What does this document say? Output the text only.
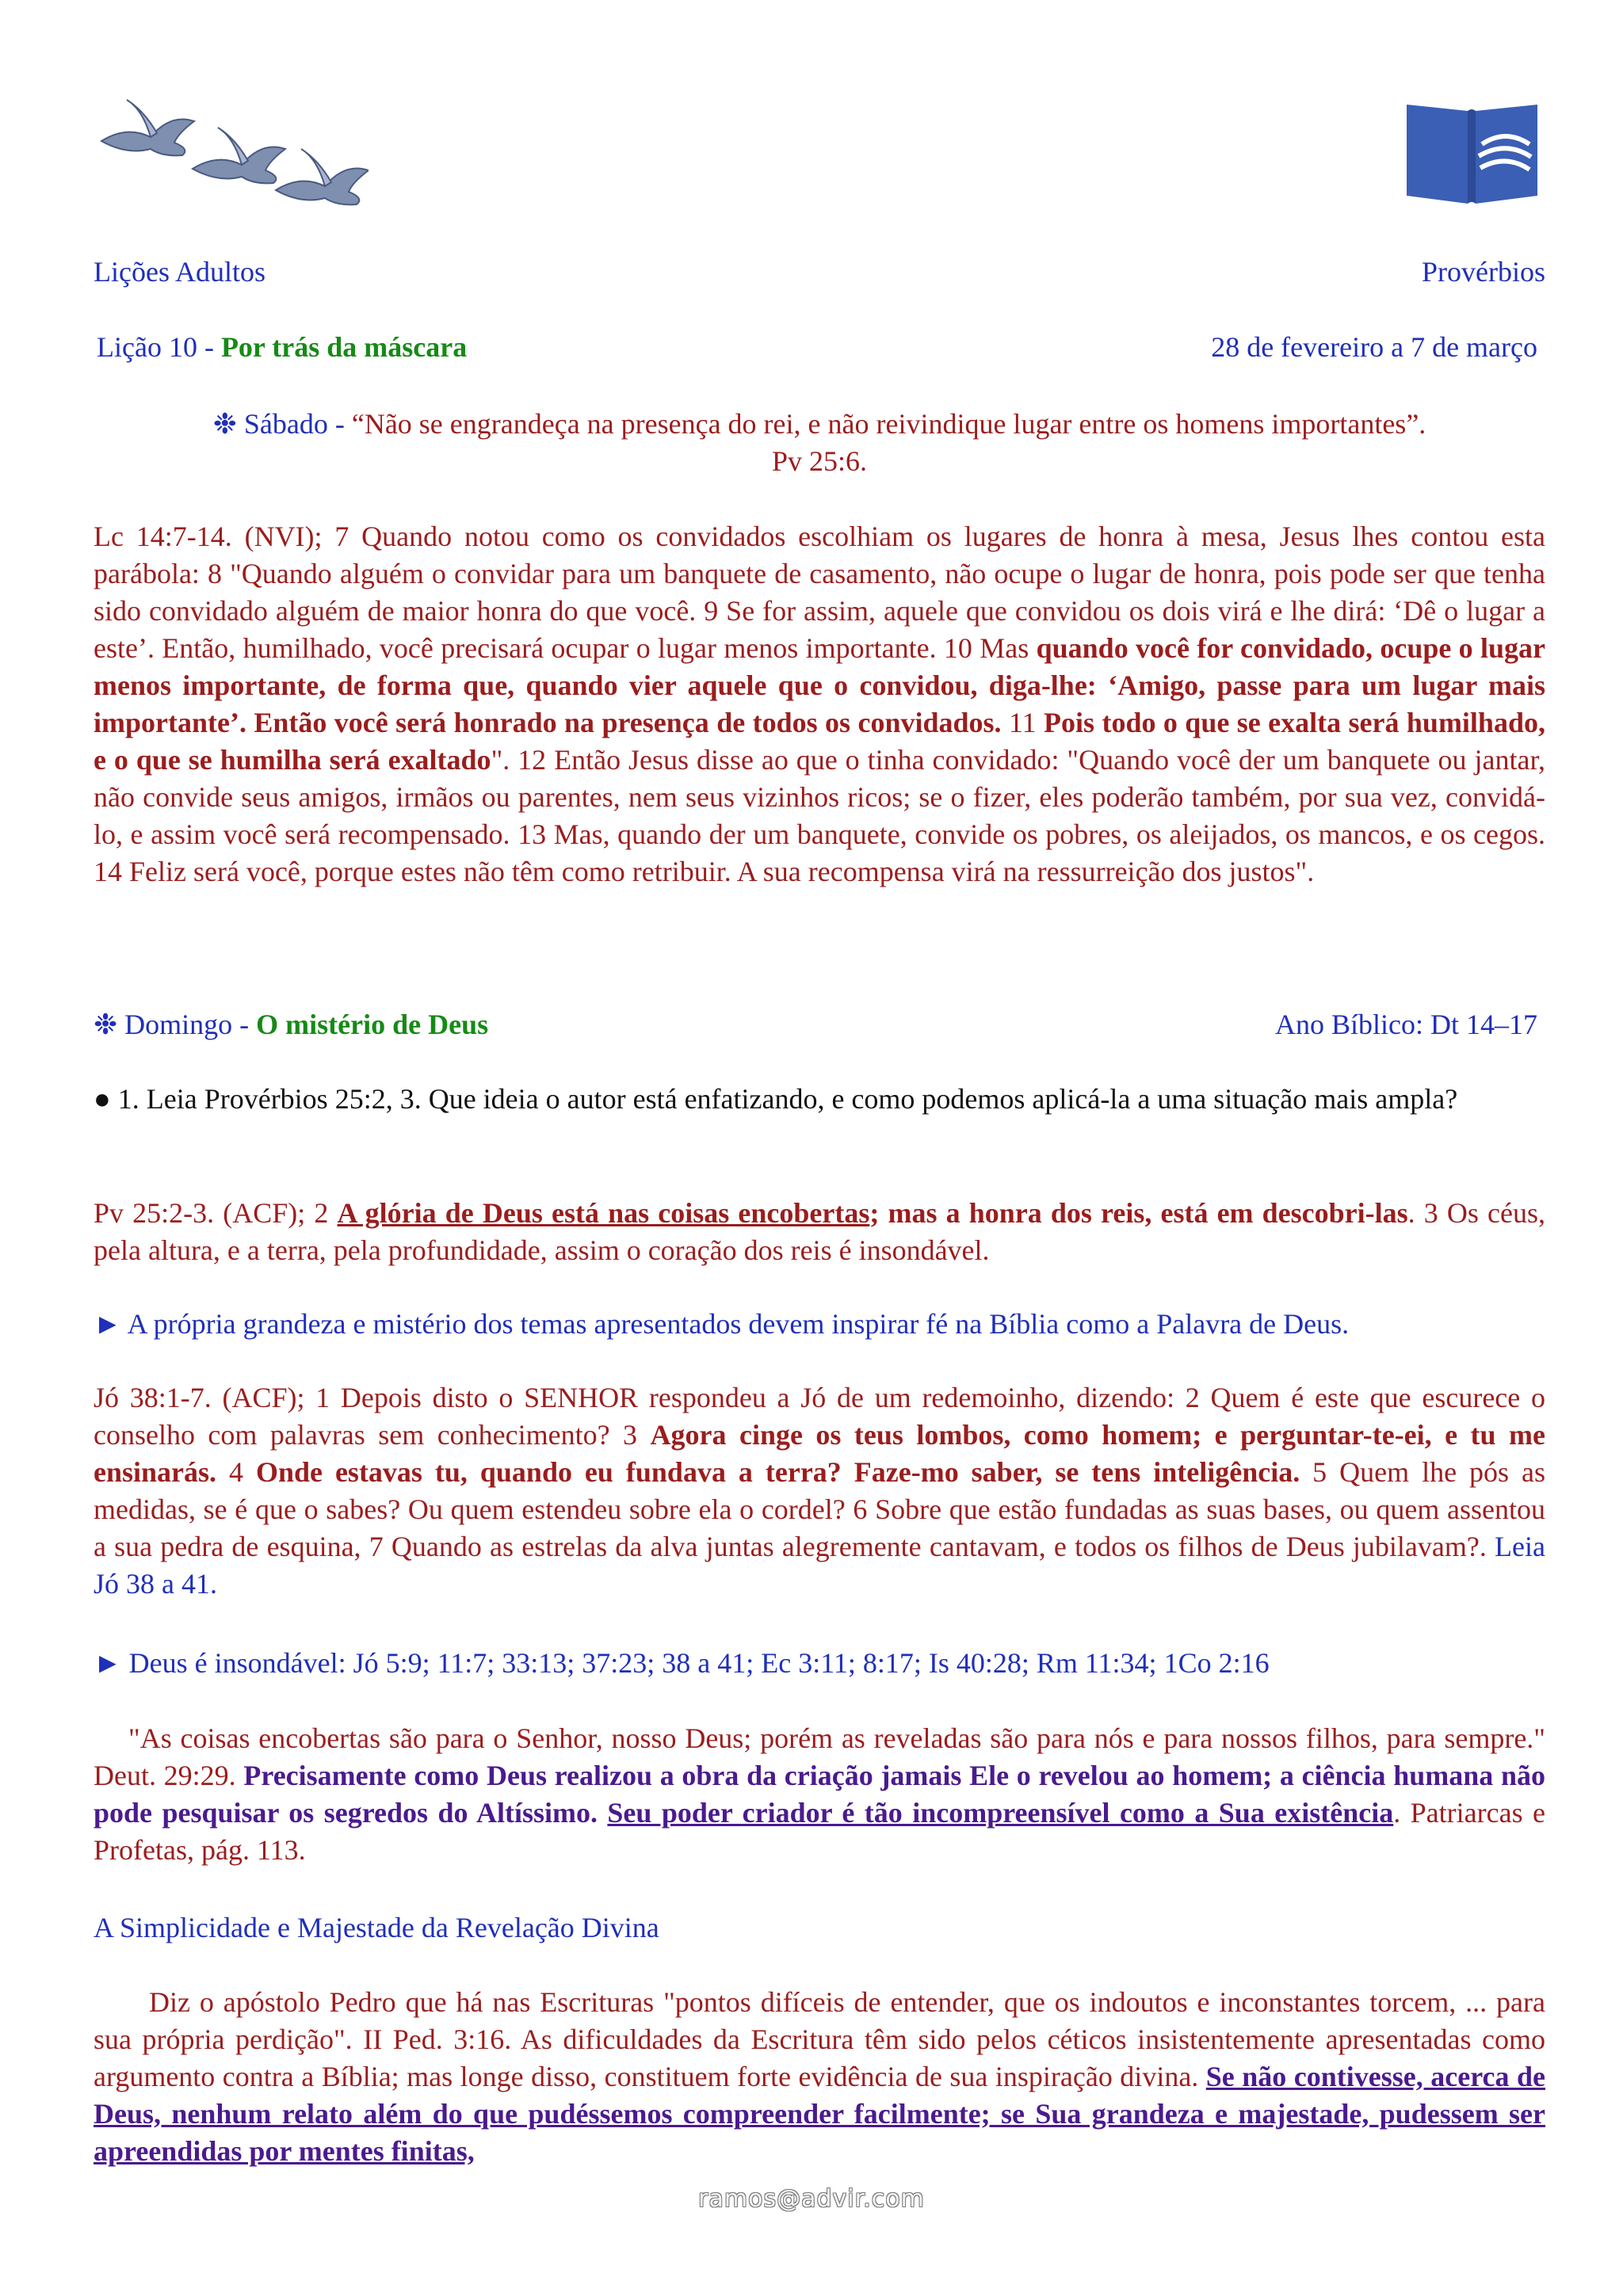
Lições Adultos	Provérbios
Lição 10 - Por trás da máscara	28 de fevereiro a 7 de março
❉ Sábado - “Não se engrandeça na presença do rei, e não reivindique lugar entre os homens importantes”.
Pv 25:6.

Lc 14:7-14. (NVI); 7 Quando notou como os convidados escolhiam os lugares de honra à mesa, Jesus lhes contou esta parábola: 8 "Quando alguém o convidar para um banquete de casamento, não ocupe o lugar de honra, pois pode ser que tenha sido convidado alguém de maior honra do que você. 9 Se for assim, aquele que convidou os dois virá e lhe dirá: ‘Dê o lugar a este’. Então, humilhado, você precisará ocupar o lugar menos importante. 10 Mas quando você for convidado, ocupe o lugar menos importante, de forma que, quando vier aquele que o convidou, diga-lhe: ‘Amigo, passe para um lugar mais importante’. Então você será honrado na presença de todos os convidados. 11 Pois todo o que se exalta será humilhado, e o que se humilha será exaltado". 12 Então Jesus disse ao que o tinha convidado: "Quando você der um banquete ou jantar, não convide seus amigos, irmãos ou parentes, nem seus vizinhos ricos; se o fizer, eles poderão também, por sua vez, convidá-lo, e assim você será recompensado. 13 Mas, quando der um banquete, convide os pobres, os aleijados, os mancos, e os cegos. 14 Feliz será você, porque estes não têm como retribuir. A sua recompensa virá na ressurreição dos justos".

❉ Domingo - O mistério de Deus	Ano Bíblico: Dt 14–17

● 1. Leia Provérbios 25:2, 3. Que ideia o autor está enfatizando, e como podemos aplicá-la a uma situação mais ampla?

Pv 25:2-3. (ACF); 2 A glória de Deus está nas coisas encobertas; mas a honra dos reis, está em descobri-las. 3 Os céus, pela altura, e a terra, pela profundidade, assim o coração dos reis é insondável.

► A própria grandeza e mistério dos temas apresentados devem inspirar fé na Bíblia como a Palavra de Deus.

Jó 38:1-7. (ACF); 1 Depois disto o SENHOR respondeu a Jó de um redemoinho, dizendo: 2 Quem é este que escurece o conselho com palavras sem conhecimento? 3 Agora cinge os teus lombos, como homem; e perguntar-te-ei, e tu me ensinarás. 4 Onde estavas tu, quando eu fundava a terra? Faze-mo saber, se tens inteligência. 5 Quem lhe pós as medidas, se é que o sabes? Ou quem estendeu sobre ela o cordel? 6 Sobre que estão fundadas as suas bases, ou quem assentou a sua pedra de esquina, 7 Quando as estrelas da alva juntas alegremente cantavam, e todos os filhos de Deus jubilavam?. Leia Jó 38 a 41.

► Deus é insondável: Jó 5:9; 11:7; 33:13; 37:23; 38 a 41; Ec 3:11; 8:17; Is 40:28; Rm 11:34; 1Co 2:16

"As coisas encobertas são para o Senhor, nosso Deus; porém as reveladas são para nós e para nossos filhos, para sempre." Deut. 29:29. Precisamente como Deus realizou a obra da criação jamais Ele o revelou ao homem; a ciência humana não pode pesquisar os segredos do Altíssimo. Seu poder criador é tão incompreensível como a Sua existência. Patriarcas e Profetas, pág. 113.

A Simplicidade e Majestade da Revelação Divina

Diz o apóstolo Pedro que há nas Escrituras "pontos difíceis de entender, que os indoutos e inconstantes torcem, ... para sua própria perdição". II Ped. 3:16. As dificuldades da Escritura têm sido pelos céticos insistentemente apresentadas como argumento contra a Bíblia; mas longe disso, constituem forte evidência de sua inspiração divina. Se não contivesse, acerca de Deus, nenhum relato além do que pudéssemos compreender facilmente; se Sua grandeza e majestade, pudessem ser apreendidas por mentes finitas,

ramos@advir.com
